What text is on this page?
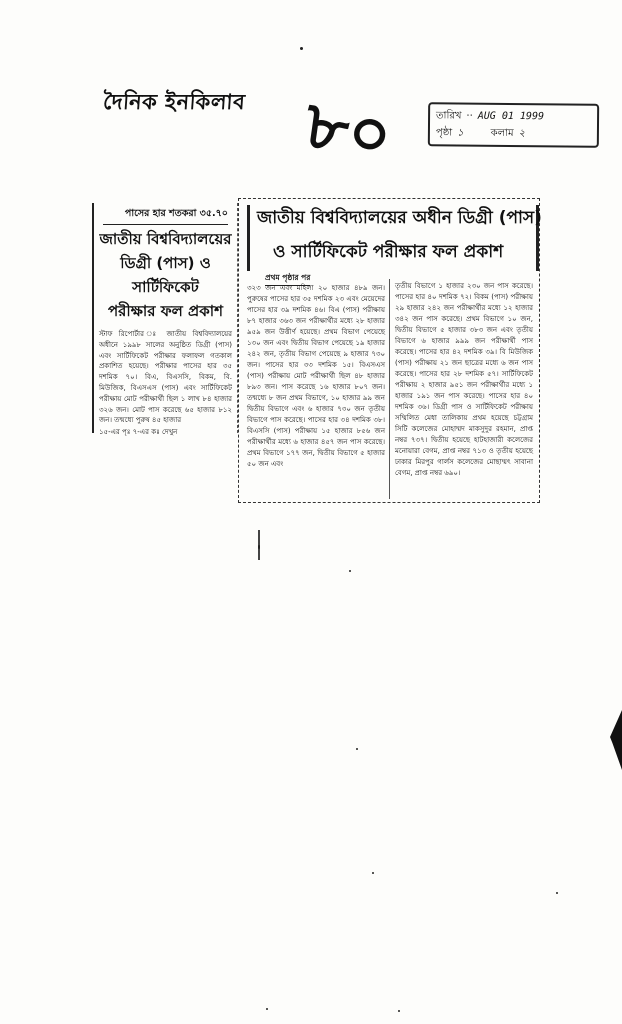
দৈনিক ইনকিলাব ৮০	তারিখ ·· AUG 01 1999
পৃষ্ঠা ১	কলাম ২
পাসের হার শতকরা ৩৫.৭০
জাতীয় বিশ্ববিদ্যালয়ের
ডিগ্রী (পাস) ও সার্টিফিকেট
পরীক্ষার ফল প্রকাশ
স্টাফ রিপোর্টার ঃ জাতীয় বিশ্ববিদ্যালয়ের অধীনে ১৯৯৮ সালের অনুষ্ঠিত ডিগ্রী (পাস) এবং সার্টিফিকেট পরীক্ষার ফলাফল গতকাল প্রকাশিত হয়েছে। পরীক্ষার পাসের হার ৩৫ দশমিক ৭০। বিএ, বিএসসি, বিকম, বি. মিউজিক, বিএসএস (পাস) এবং সার্টিফিকেট পরীক্ষায় মোট পরীক্ষার্থী ছিল ১ লাখ ৮৪ হাজার ৩২৬ জন। মোট পাস করেছে ৬৫ হাজার ৮১২ জন। তন্মধ্যে পুরুষ ৪৫ হাজার
১৫-এর পৃঃ ৭-এর কঃ দেখুন
জাতীয় বিশ্ববিদ্যালয়ের অধীন ডিগ্রী (পাস)
ও সার্টিফিকেট পরীক্ষার ফল প্রকাশ
প্রথম পৃষ্ঠার পর
৩২৩ জন এবং মহিলা ২০ হাজার ৪৮৯ জন। পুরুষের পাসের হার ৩৫ দশমিক ২৩ এবং মেয়েদের পাসের হার ৩৯ দশমিক ৪৬। বিএ (পাস) পরীক্ষায় ৮৭ হাজার ৩৬৩ জন পরীক্ষার্থীর মধ্যে ২৮ হাজার ৯৫৯ জন উত্তীর্ণ হয়েছে। প্রথম বিভাগ পেয়েছে ১৩০ জন এবং দ্বিতীয় বিভাগ পেয়েছে ১৯ হাজার ২৪২ জন, তৃতীয় বিভাগ পেয়েছে ৯ হাজার ৭৩০ জন। পাসের হার ৩৩ দশমিক ১৫। বিএসএস (পাস) পরীক্ষায় মোট পরীক্ষার্থী ছিল ৪৮ হাজার ৮৯৩ জন। পাস করেছে ১৬ হাজার ৮০৭ জন। তন্মধ্যে ৮ জন প্রথম বিভাগে, ১০ হাজার ৯৯ জন দ্বিতীয় বিভাগে এবং ৬ হাজার ৭৩০ জন তৃতীয় বিভাগে পাস করেছে। পাসের হার ৩৪ দশমিক ৩৮। বিএসসি (পাস) পরীক্ষায় ১৫ হাজার ৮৫৬ জন পরীক্ষার্থীর মধ্যে ৬ হাজার ৪৫৭ জন পাস করেছে। প্রথম বিভাগে ১৭৭ জন, দ্বিতীয় বিভাগে ৫ হাজার ৫০ জন এবং
তৃতীয় বিভাগে ১ হাজার ২৩০ জন পাস করেছে। পাসের হার ৪০ দশমিক ৭২। বিকম (পাস) পরীক্ষায় ২৯ হাজার ২৪২ জন পরীক্ষার্থীর মধ্যে ১২ হাজার ৩৪২ জন পাস করেছে। প্রথম বিভাগে ১০ জন, দ্বিতীয় বিভাগে ৫ হাজার ৩৮৩ জন এবং তৃতীয় বিভাগে ৬ হাজার ৯৯৯ জন পরীক্ষার্থী পাস করেছে। পাসের হার ৪২ দশমিক ৩৯। বি মিউজিক (পাস) পরীক্ষায় ২১ জন ছাত্রের মধ্যে ৬ জন পাস করেছে। পাসের হার ২৮ দশমিক ৫৭। সার্টিফিকেট পরীক্ষায় ২ হাজার ৯৫১ জন পরীক্ষার্থীর মধ্যে ১ হাজার ১৯১ জন পাস করেছে। পাসের হার ৪০ দশমিক ৩৬। ডিগ্রী পাস ও সার্টিফিকেট পরীক্ষায় সম্মিলিত মেধা তালিকায় প্রথম হয়েছে চট্টগ্রাম সিটি কলেজের মোহাম্মদ মাকসুদুর রহমান, প্রাপ্ত নম্বর ৭৩৭। দ্বিতীয় হয়েছে হাটহাজারী কলেজের মনোয়ারা বেগম, প্রাপ্ত নম্বর ৭১৩ ও তৃতীয় হয়েছে ঢাকার মিরপুর গার্লস কলেজের মোছাম্মৎ সাবানা বেগম, প্রাপ্ত নম্বর ৬৯০।
